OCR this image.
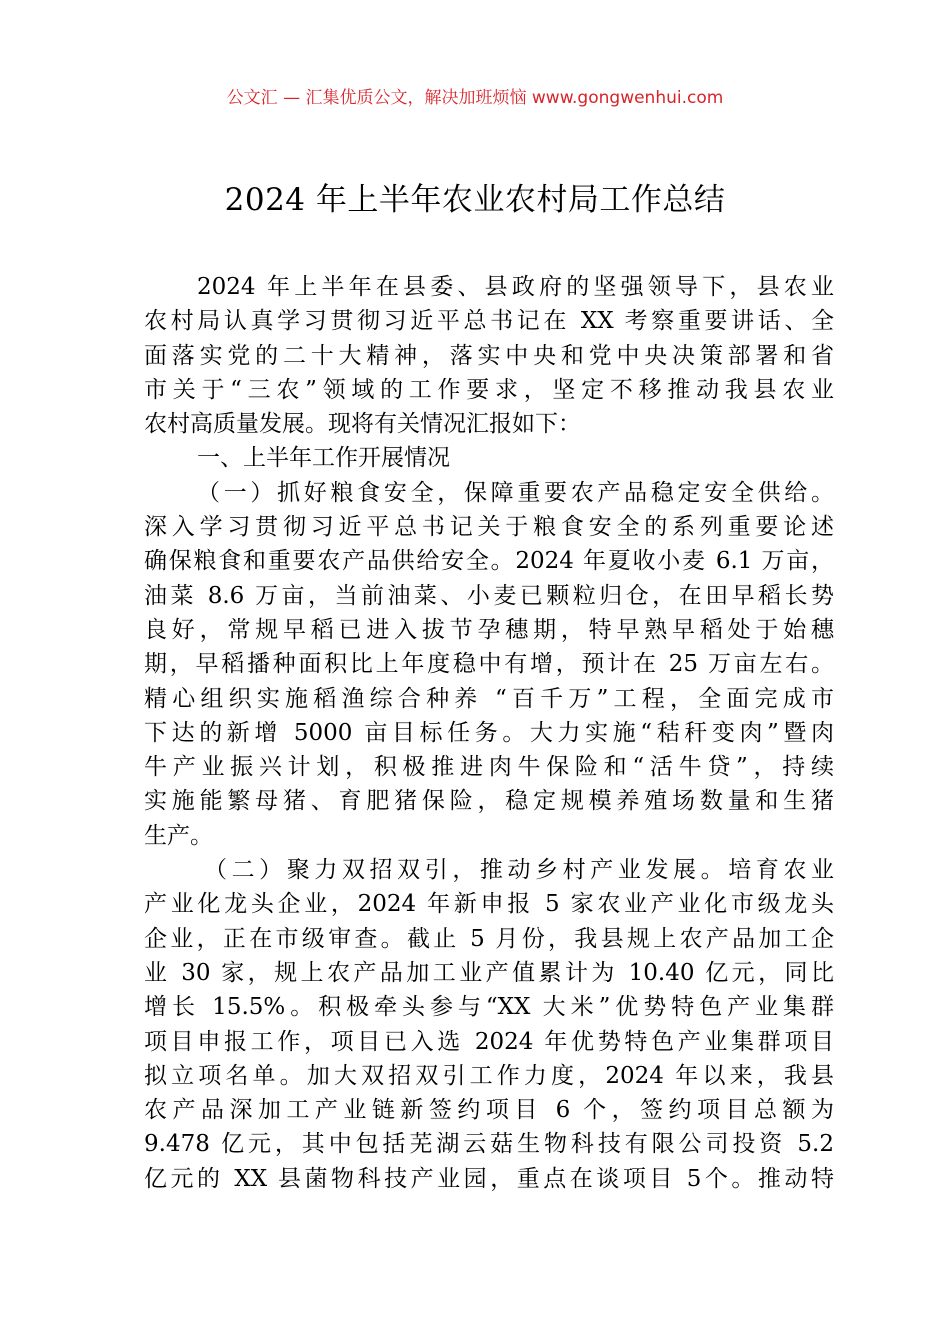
公文汇 — 汇集优质公文，解决加班烦恼 www.gongwenhui.com
2024 年上半年农业农村局工作总结
2024 年上半年在县委、县政府的坚强领导下，县农业
农村局认真学习贯彻习近平总书记在 XX 考察重要讲话、全
面落实党的二十大精神，落实中央和党中央决策部署和省
市关于“三农”领域的工作要求，坚定不移推动我县农业
农村高质量发展。现将有关情况汇报如下：
一、上半年工作开展情况
（一）抓好粮食安全，保障重要农产品稳定安全供给。
深入学习贯彻习近平总书记关于粮食安全的系列重要论述
确保粮食和重要农产品供给安全。2024 年夏收小麦 6.1 万亩，
油菜 8.6 万亩，当前油菜、小麦已颗粒归仓，在田早稻长势
良好，常规早稻已进入拔节孕穗期，特早熟早稻处于始穗
期，早稻播种面积比上年度稳中有增，预计在 25 万亩左右。
精心组织实施稻渔综合种养 “百千万”工程，全面完成市
下达的新增 5000 亩目标任务。大力实施“秸秆变肉”暨肉
牛产业振兴计划，积极推进肉牛保险和“活牛贷”，持续
实施能繁母猪、育肥猪保险，稳定规模养殖场数量和生猪
生产。
（二）聚力双招双引，推动乡村产业发展。培育农业
产业化龙头企业，2024 年新申报 5 家农业产业化市级龙头
企业，正在市级审查。截止 5 月份，我县规上农产品加工企
业 30 家，规上农产品加工业产值累计为 10.40 亿元，同比
增长 15.5%。积极牵头参与“XX 大米”优势特色产业集群
项目申报工作，项目已入选 2024 年优势特色产业集群项目
拟立项名单。加大双招双引工作力度，2024 年以来，我县
农产品深加工产业链新签约项目 6 个，签约项目总额为
9.478 亿元，其中包括芜湖云菇生物科技有限公司投资 5.2
亿元的 XX 县菌物科技产业园，重点在谈项目 5个。推动特
